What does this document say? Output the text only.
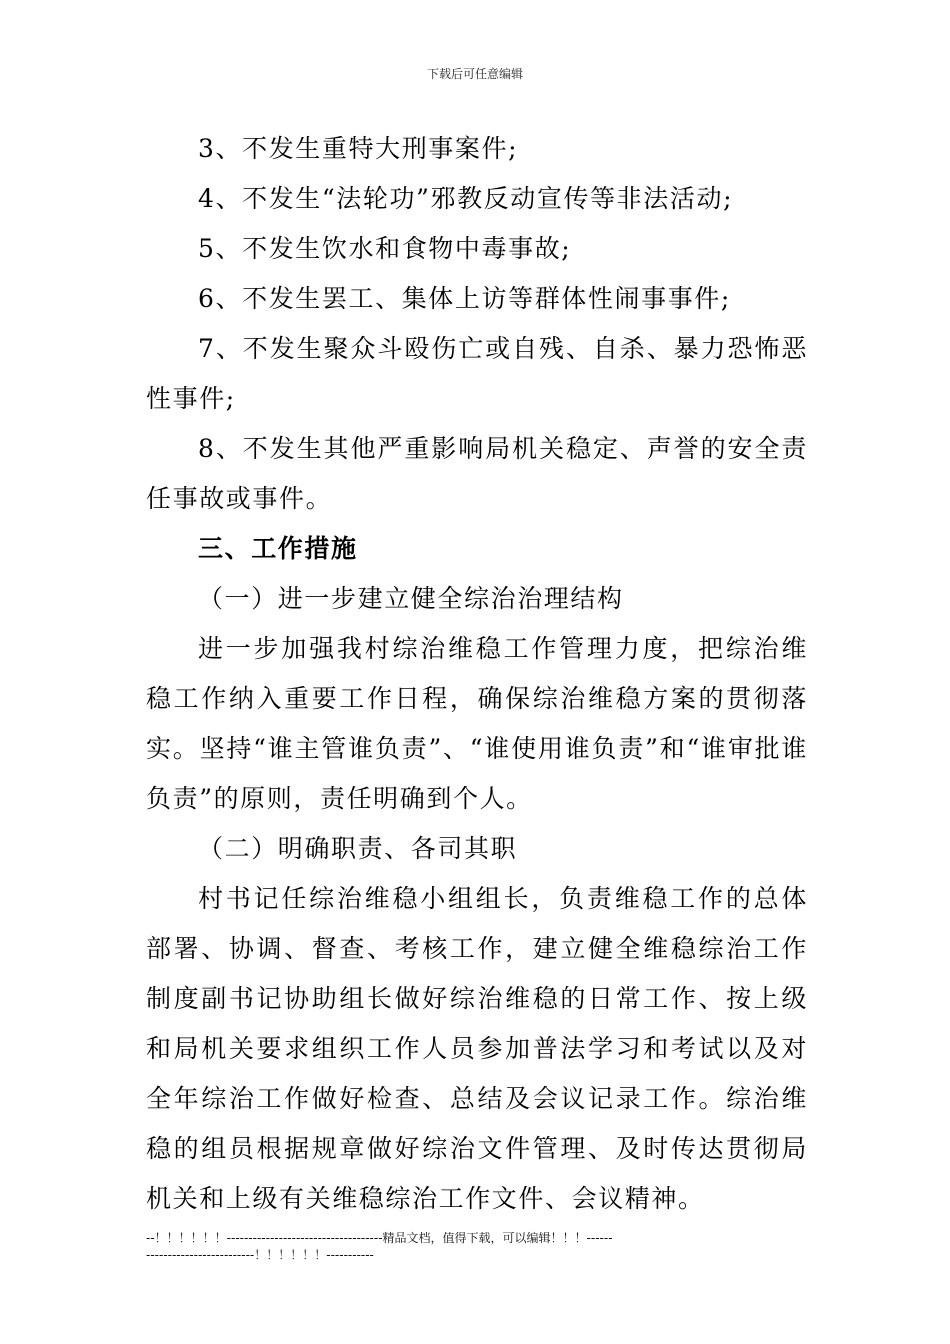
下载后可任意编辑

3、不发生重特大刑事案件;

4、不发生“法轮功”邪教反动宣传等非法活动;

5、不发生饮水和食物中毒事故;

6、不发生罢工、集体上访等群体性闹事事件;

7、不发生聚众斗殴伤亡或自残、自杀、暴力恐怖恶性事件;

8、不发生其他严重影响局机关稳定、声誉的安全责任事故或事件。

三、工作措施

（一）进一步建立健全综治治理结构

进一步加强我村综治维稳工作管理力度，把综治维稳工作纳入重要工作日程，确保综治维稳方案的贯彻落实。坚持“谁主管谁负责”、“谁使用谁负责”和“谁审批谁负责”的原则，责任明确到个人。

（二）明确职责、各司其职

村书记任综治维稳小组组长，负责维稳工作的总体部署、协调、督查、考核工作，建立健全维稳综治工作制度副书记协助组长做好综治维稳的日常工作、按上级和局机关要求组织工作人员参加普法学习和考试以及对全年综治工作做好检查、总结及会议记录工作。综治维稳的组员根据规章做好综治文件管理、及时传达贯彻局机关和上级有关维稳综治工作文件、会议精神。

--！！！！！！------------------------------------精品文档，值得下载，可以编辑！！！-------------------------------！！！！！！-----------
